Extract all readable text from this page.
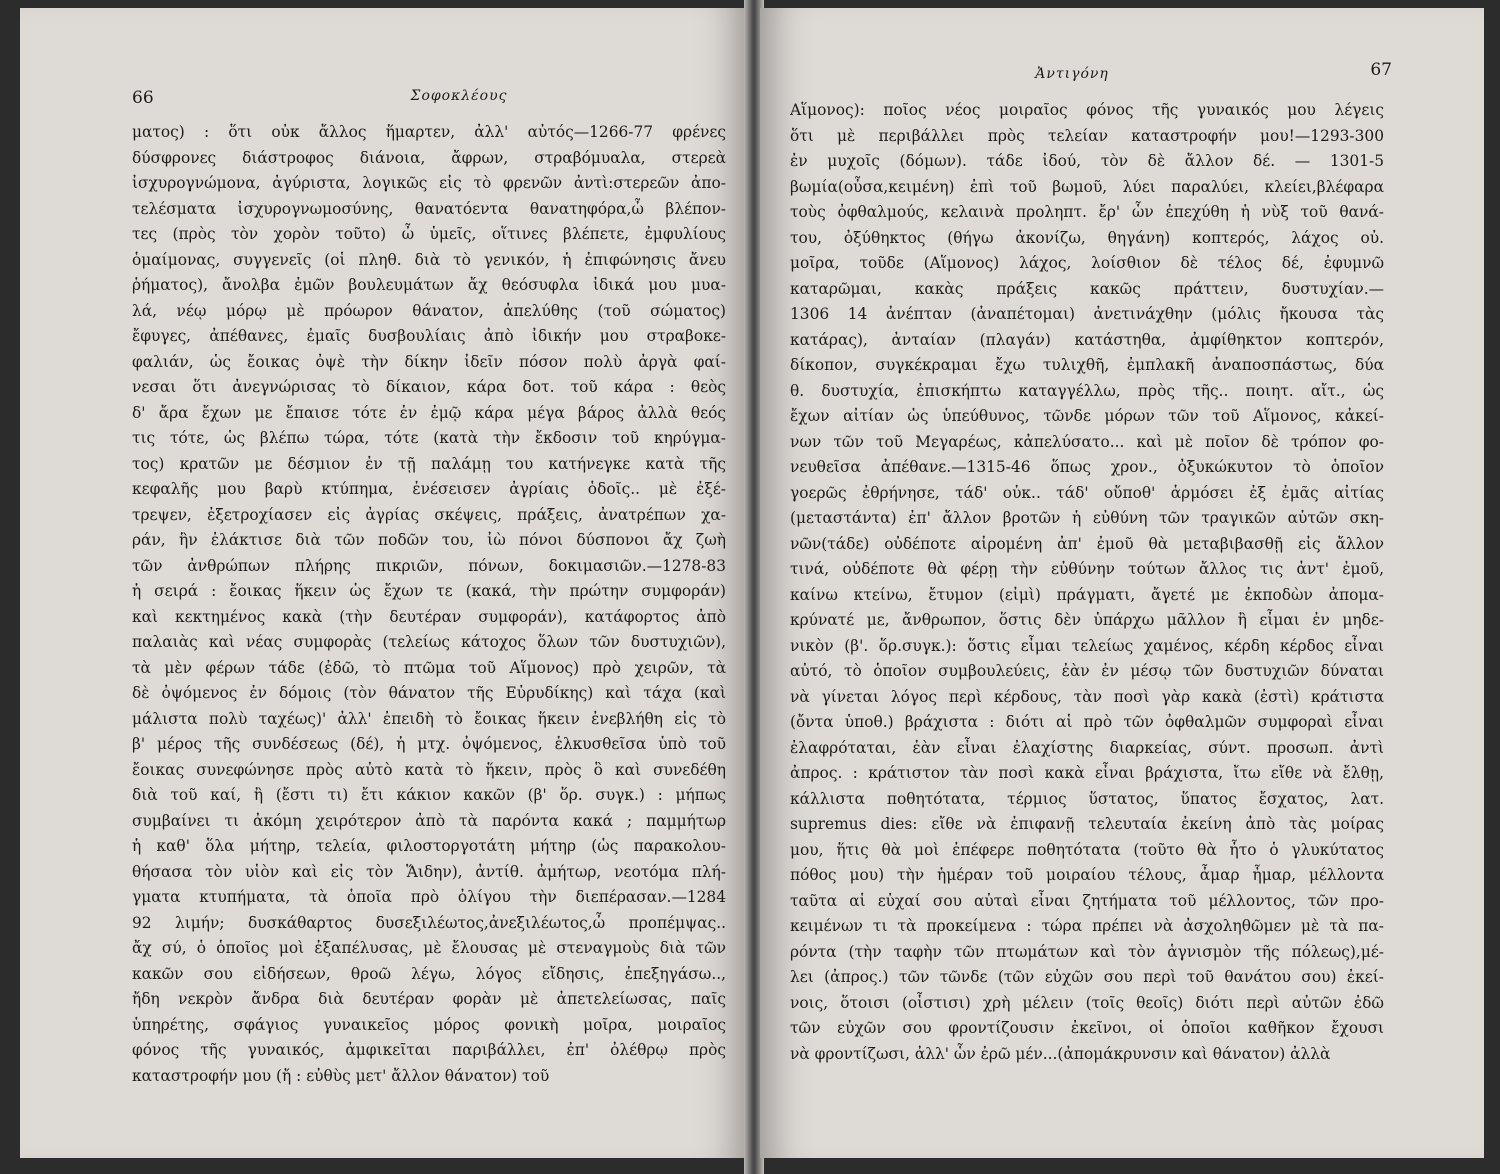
66	Σοφοκλέους
ματος) : ὅτι οὐκ ἄλλος ἥμαρτεν, ἀλλ' αὐτός—1266-77 φρένες
δύσφρονες διάστροφος διάνοια, ἄφρων, στραβόμυαλα, στερεὰ
ἰσχυρογνώμονα, ἀγύριστα, λογικῶς εἰς τὸ φρενῶν ἀντὶ:στερεῶν ἀπο-
τελέσματα ἰσχυρογνωμοσύνης, θανατόεντα θανατηφόρα,ὦ βλέπον-
τες (πρὸς τὸν χορὸν τοῦτο) ὦ ὑμεῖς, οἵτινες βλέπετε, ἐμφυλίους
ὁμαίμονας, συγγενεῖς (οἱ πληθ. διὰ τὸ γενικόν, ἡ ἐπιφώνησις ἄνευ
ῥήματος), ἄνολβα ἐμῶν βουλευμάτων ἄχ θεόσυφλα ἰδικά μου μυα-
λά, νέῳ μόρῳ μὲ πρόωρον θάνατον, ἀπελύθης (τοῦ σώματος)
ἔφυγες, ἀπέθανες, ἐμαῖς δυσβουλίαις ἀπὸ ἰδικήν μου στραβοκε-
φαλιάν, ὡς ἔοικας ὀψὲ τὴν δίκην ἰδεῖν πόσον πολὺ ἀργὰ φαί-
νεσαι ὅτι ἀνεγνώρισας τὸ δίκαιον, κάρα δοτ. τοῦ κάρα : θεὸς
δ' ἄρα ἔχων με ἔπαισε τότε ἐν ἐμῷ κάρα μέγα βάρος ἀλλὰ θεός
τις τότε, ὡς βλέπω τώρα, τότε (κατὰ τὴν ἔκδοσιν τοῦ κηρύγμα-
τος) κρατῶν με δέσμιον ἐν τῇ παλάμῃ του κατήνεγκε κατὰ τῆς
κεφαλῆς μου βαρὺ κτύπημα, ἐνέσεισεν ἀγρίαις ὁδοῖς.. μὲ ἐξέ-
τρεψεν, ἐξετροχίασεν εἰς ἀγρίας σκέψεις, πράξεις, ἀνατρέπων χα-
ράν, ἣν ἐλάκτισε διὰ τῶν ποδῶν του, ἰὼ πόνοι δύσπονοι ἄχ ζωὴ
τῶν ἀνθρώπων πλήρης πικριῶν, πόνων, δοκιμασιῶν.—1278-83
ἡ σειρά : ἔοικας ἥκειν ὡς ἔχων τε (κακά, τὴν πρώτην συμφοράν)
καὶ κεκτημένος κακὰ (τὴν δευτέραν συμφοράν), κατάφορτος ἀπὸ
παλαιὰς καὶ νέας συμφορὰς (τελείως κάτοχος ὅλων τῶν δυστυχιῶν),
τὰ μὲν φέρων τάδε (ἐδῶ, τὸ πτῶμα τοῦ Αἵμονος) πρὸ χειρῶν, τὰ
δὲ ὀψόμενος ἐν δόμοις (τὸν θάνατον τῆς Εὐρυδίκης) καὶ τάχα (καὶ
μάλιστα πολὺ ταχέως)' ἀλλ' ἐπειδὴ τὸ ἔοικας ἥκειν ἐνεβλήθη εἰς τὸ
β' μέρος τῆς συνδέσεως (δέ), ἡ μτχ. ὀψόμενος, ἑλκυσθεῖσα ὑπὸ τοῦ
ἔοικας συνεφώνησε πρὸς αὐτὸ κατὰ τὸ ἥκειν, πρὸς ὃ καὶ συνεδέθη
διὰ τοῦ καί, ἢ (ἔστι τι) ἔτι κάκιον κακῶν (β' ὅρ. συγκ.) : μήπως
συμβαίνει τι ἀκόμη χειρότερον ἀπὸ τὰ παρόντα κακά ; παμμήτωρ
ἡ καθ' ὅλα μήτηρ, τελεία, φιλοστοργοτάτη μήτηρ (ὡς παρακολου-
θήσασα τὸν υἱὸν καὶ εἰς τὸν Ἅιδην), ἀντίθ. ἀμήτωρ, νεοτόμα πλή-
γματα κτυπήματα, τὰ ὁποῖα πρὸ ὀλίγου τὴν διεπέρασαν.—1284
92 λιμήν; δυσκάθαρτος δυσεξιλέωτος,ἀνεξιλέωτος,ὦ προπέμψας..
ἄχ σύ, ὁ ὁποῖος μοὶ ἐξαπέλυσας, μὲ ἔλουσας μὲ στεναγμοὺς διὰ τῶν
κακῶν σου εἰδήσεων, θροῶ λέγω, λόγος εἴδησις, ἐπεξηγάσω..,
ἤδη νεκρὸν ἄνδρα διὰ δευτέραν φορὰν μὲ ἀπετελείωσας, παῖς
ὑπηρέτης, σφάγιος γυναικεῖος μόρος φονικὴ μοῖρα, μοιραῖος
φόνος τῆς γυναικός, ἀμφικεῖται παριβάλλει, ἐπ' ὀλέθρῳ πρὸς
καταστροφήν μου (ἤ : εὐθὺς μετ' ἄλλον θάνατον) τοῦ
Ἀντιγόνη	67
Αἵμονος): ποῖος νέος μοιραῖος φόνος τῆς γυναικός μου λέγεις
ὅτι μὲ περιβάλλει πρὸς τελείαν καταστροφήν μου!—1293-300
ἐν μυχοῖς (δόμων). τάδε ἰδού, τὸν δὲ ἄλλον δέ. — 1301-5
βωμία(οὖσα,κειμένη) ἐπὶ τοῦ βωμοῦ, λύει παραλύει, κλείει,βλέφαρα
τοὺς ὀφθαλμούς, κελαινὰ προληπτ. ἔρ' ὧν ἐπεχύθη ἡ νὺξ τοῦ θανά-
του, ὀξύθηκτος (θήγω ἀκονίζω, θηγάνη) κοπτερός, λάχος οὐ.
μοῖρα, τοῦδε (Αἵμονος) λάχος, λοίσθιον δὲ τέλος δέ, ἐφυμνῶ
καταρῶμαι, κακὰς πράξεις κακῶς πράττειν, δυστυχίαν.—
1306 14 ἀνέπταν (ἀναπέτομαι) ἀνετινάχθην (μόλις ἤκουσα τὰς
κατάρας), ἀνταίαν (πλαγάν) κατάστηθα, ἀμφίθηκτον κοπτερόν,
δίκοπον, συγκέκραμαι ἔχω τυλιχθῆ, ἐμπλακῆ ἀναποσπάστως, δύα
θ. δυστυχία, ἐπισκήπτω καταγγέλλω, πρὸς τῆς.. ποιητ. αἴτ., ὡς
ἔχων αἰτίαν ὡς ὑπεύθυνος, τῶνδε μόρων τῶν τοῦ Αἵμονος, κἀκεί-
νων τῶν τοῦ Μεγαρέως, κἀπελύσατο... καὶ μὲ ποῖον δὲ τρόπον φο-
νευθεῖσα ἀπέθανε.—1315-46 ὅπως χρον., ὀξυκώκυτον τὸ ὁποῖον
γοερῶς ἐθρήνησε, τάδ' οὐκ.. τάδ' οὔποθ' ἁρμόσει ἐξ ἐμᾶς αἰτίας
(μεταστάντα) ἐπ' ἄλλον βροτῶν ἡ εὐθύνη τῶν τραγικῶν αὐτῶν σκη-
νῶν(τάδε) οὐδέποτε αἰρομένη ἀπ' ἐμοῦ θὰ μεταβιβασθῇ εἰς ἄλλον
τινά, οὐδέποτε θὰ φέρῃ τὴν εὐθύνην τούτων ἄλλος τις ἀντ' ἐμοῦ,
καίνω κτείνω, ἔτυμον (εἰμὶ) πράγματι, ἄγετέ με ἐκποδὼν ἀπομα-
κρύνατέ με, ἄνθρωπον, ὅστις δὲν ὑπάρχω μᾶλλον ἢ εἶμαι ἐν μηδε-
νικὸν (β'. ὅρ.συγκ.): ὅστις εἶμαι τελείως χαμένος, κέρδη κέρδος εἶναι
αὐτό, τὸ ὁποῖον συμβουλεύεις, ἐὰν ἐν μέσῳ τῶν δυστυχιῶν δύναται
νὰ γίνεται λόγος περὶ κέρδους, τὰν ποσὶ γὰρ κακὰ (ἐστὶ) κράτιστα
(ὄντα ὑποθ.) βράχιστα : διότι αἱ πρὸ τῶν ὀφθαλμῶν συμφοραὶ εἶναι
ἐλαφρόταται, ἐὰν εἶναι ἐλαχίστης διαρκείας, σύντ. προσωπ. ἀντὶ
ἀπρος. : κράτιστον τὰν ποσὶ κακὰ εἶναι βράχιστα, ἴτω εἴθε νὰ ἔλθῃ,
κάλλιστα ποθητότατα, τέρμιος ὕστατος, ὕπατος ἔσχατος, λατ.
supremus dies: εἴθε νὰ ἐπιφανῇ τελευταία ἐκείνη ἀπὸ τὰς μοίρας
μου, ἥτις θὰ μοὶ ἐπέφερε ποθητότατα (τοῦτο θὰ ἦτο ὁ γλυκύτατος
πόθος μου) τὴν ἡμέραν τοῦ μοιραίου τέλους, ἆμαρ ἦμαρ, μέλλοντα
ταῦτα αἱ εὐχαί σου αὐταὶ εἶναι ζητήματα τοῦ μέλλοντος, τῶν προ-
κειμένων τι τὰ προκείμενα : τώρα πρέπει νὰ ἀσχοληθῶμεν μὲ τὰ πα-
ρόντα (τὴν ταφὴν τῶν πτωμάτων καὶ τὸν ἁγνισμὸν τῆς πόλεως),μέ-
λει (ἀπρος.) τῶν τῶνδε (τῶν εὐχῶν σου περὶ τοῦ θανάτου σου) ἐκεί-
νοις, ὅτοισι (οἷστισι) χρὴ μέλειν (τοῖς θεοῖς) διότι περὶ αὐτῶν ἐδῶ
τῶν εὐχῶν σου φροντίζουσιν ἐκεῖνοι, οἱ ὁποῖοι καθῆκον ἔχουσι
νὰ φροντίζωσι, ἀλλ' ὧν ἐρῶ μέν...(ἀπομάκρυνσιν καὶ θάνατον) ἀλλὰ
